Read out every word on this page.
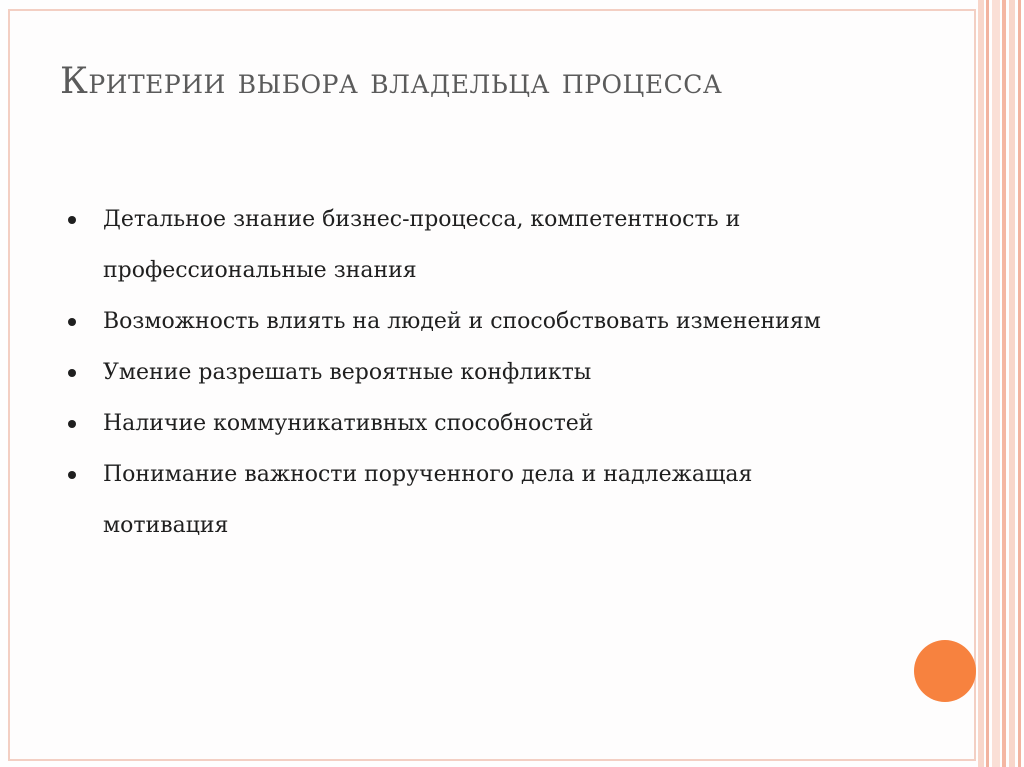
Критерии выбора владельца процесса
Детальное знание бизнес-процесса, компетентность и профессиональные знания
Возможность влиять на людей и способствовать изменениям
Умение разрешать вероятные конфликты
Наличие коммуникативных способностей
Понимание важности порученного дела и надлежащая мотивация
